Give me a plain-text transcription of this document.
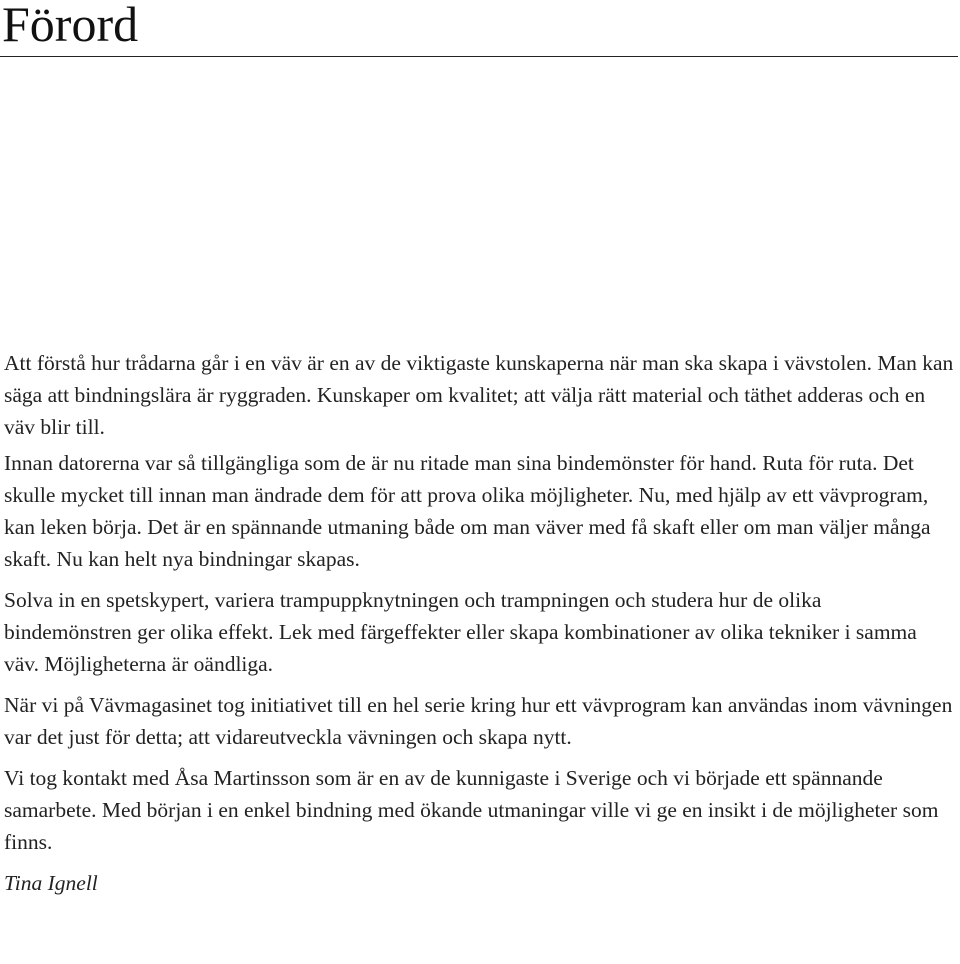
Förord

Att förstå hur trådarna går i en väv är en av de viktigaste kunskaperna när man ska skapa i vävstolen. Man kan säga att bindningslära är ryggraden. Kunskaper om kvalitet; att välja rätt material och täthet adderas och en väv blir till.

Innan datorerna var så tillgängliga som de är nu ritade man sina bindemönster för hand. Ruta för ruta. Det skulle mycket till innan man ändrade dem för att prova olika möjligheter. Nu, med hjälp av ett vävprogram, kan leken börja. Det är en spännande utmaning både om man väver med få skaft eller om man väljer många skaft. Nu kan helt nya bindningar skapas.

Solva in en spetskypert, variera trampuppknytningen och trampningen och studera hur de olika bindemönstren ger olika effekt. Lek med färgeffekter eller skapa kombinationer av olika tekniker i samma väv. Möjligheterna är oändliga.

När vi på Vävmagasinet tog initiativet till en hel serie kring hur ett vävprogram kan användas inom vävningen var det just för detta; att vidareutveckla vävningen och skapa nytt.

Vi tog kontakt med Åsa Martinsson som är en av de kunnigaste i Sverige och vi började ett spännande samarbete. Med början i en enkel bindning med ökande utmaningar ville vi ge en insikt i de möjligheter som finns.

Tina Ignell
